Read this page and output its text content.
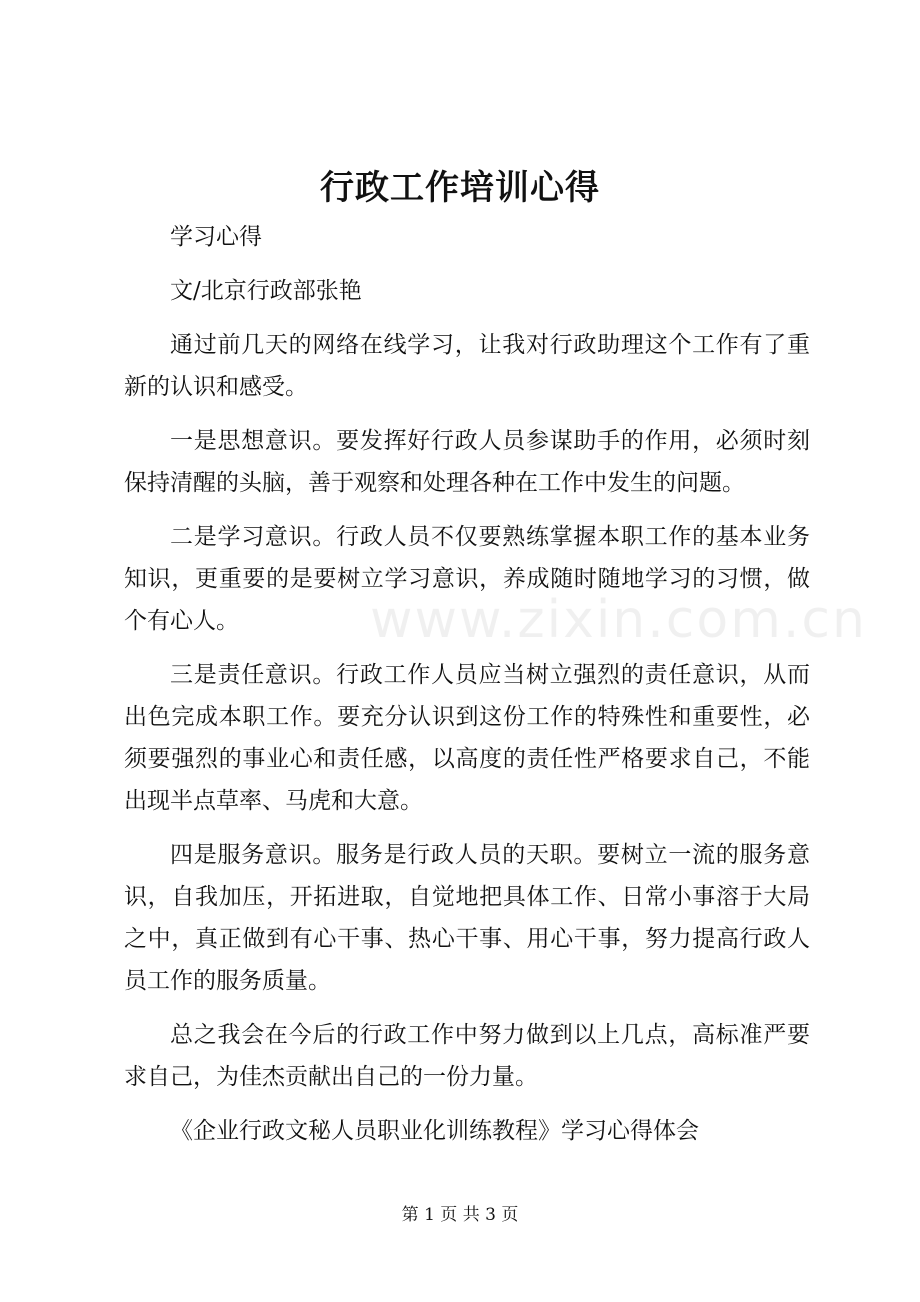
行政工作培训心得
www.zixin.com.cn

学习心得

文/北京行政部张艳

通过前几天的网络在线学习，让我对行政助理这个工作有了重新的认识和感受。

一是思想意识。要发挥好行政人员参谋助手的作用，必须时刻保持清醒的头脑，善于观察和处理各种在工作中发生的问题。

二是学习意识。行政人员不仅要熟练掌握本职工作的基本业务知识，更重要的是要树立学习意识，养成随时随地学习的习惯，做个有心人。

三是责任意识。行政工作人员应当树立强烈的责任意识，从而出色完成本职工作。要充分认识到这份工作的特殊性和重要性，必须要强烈的事业心和责任感，以高度的责任性严格要求自己，不能出现半点草率、马虎和大意。

四是服务意识。服务是行政人员的天职。要树立一流的服务意识，自我加压，开拓进取，自觉地把具体工作、日常小事溶于大局之中，真正做到有心干事、热心干事、用心干事，努力提高行政人员工作的服务质量。

总之我会在今后的行政工作中努力做到以上几点，高标准严要求自己，为佳杰贡献出自己的一份力量。

《企业行政文秘人员职业化训练教程》学习心得体会

第 1 页 共 3 页
